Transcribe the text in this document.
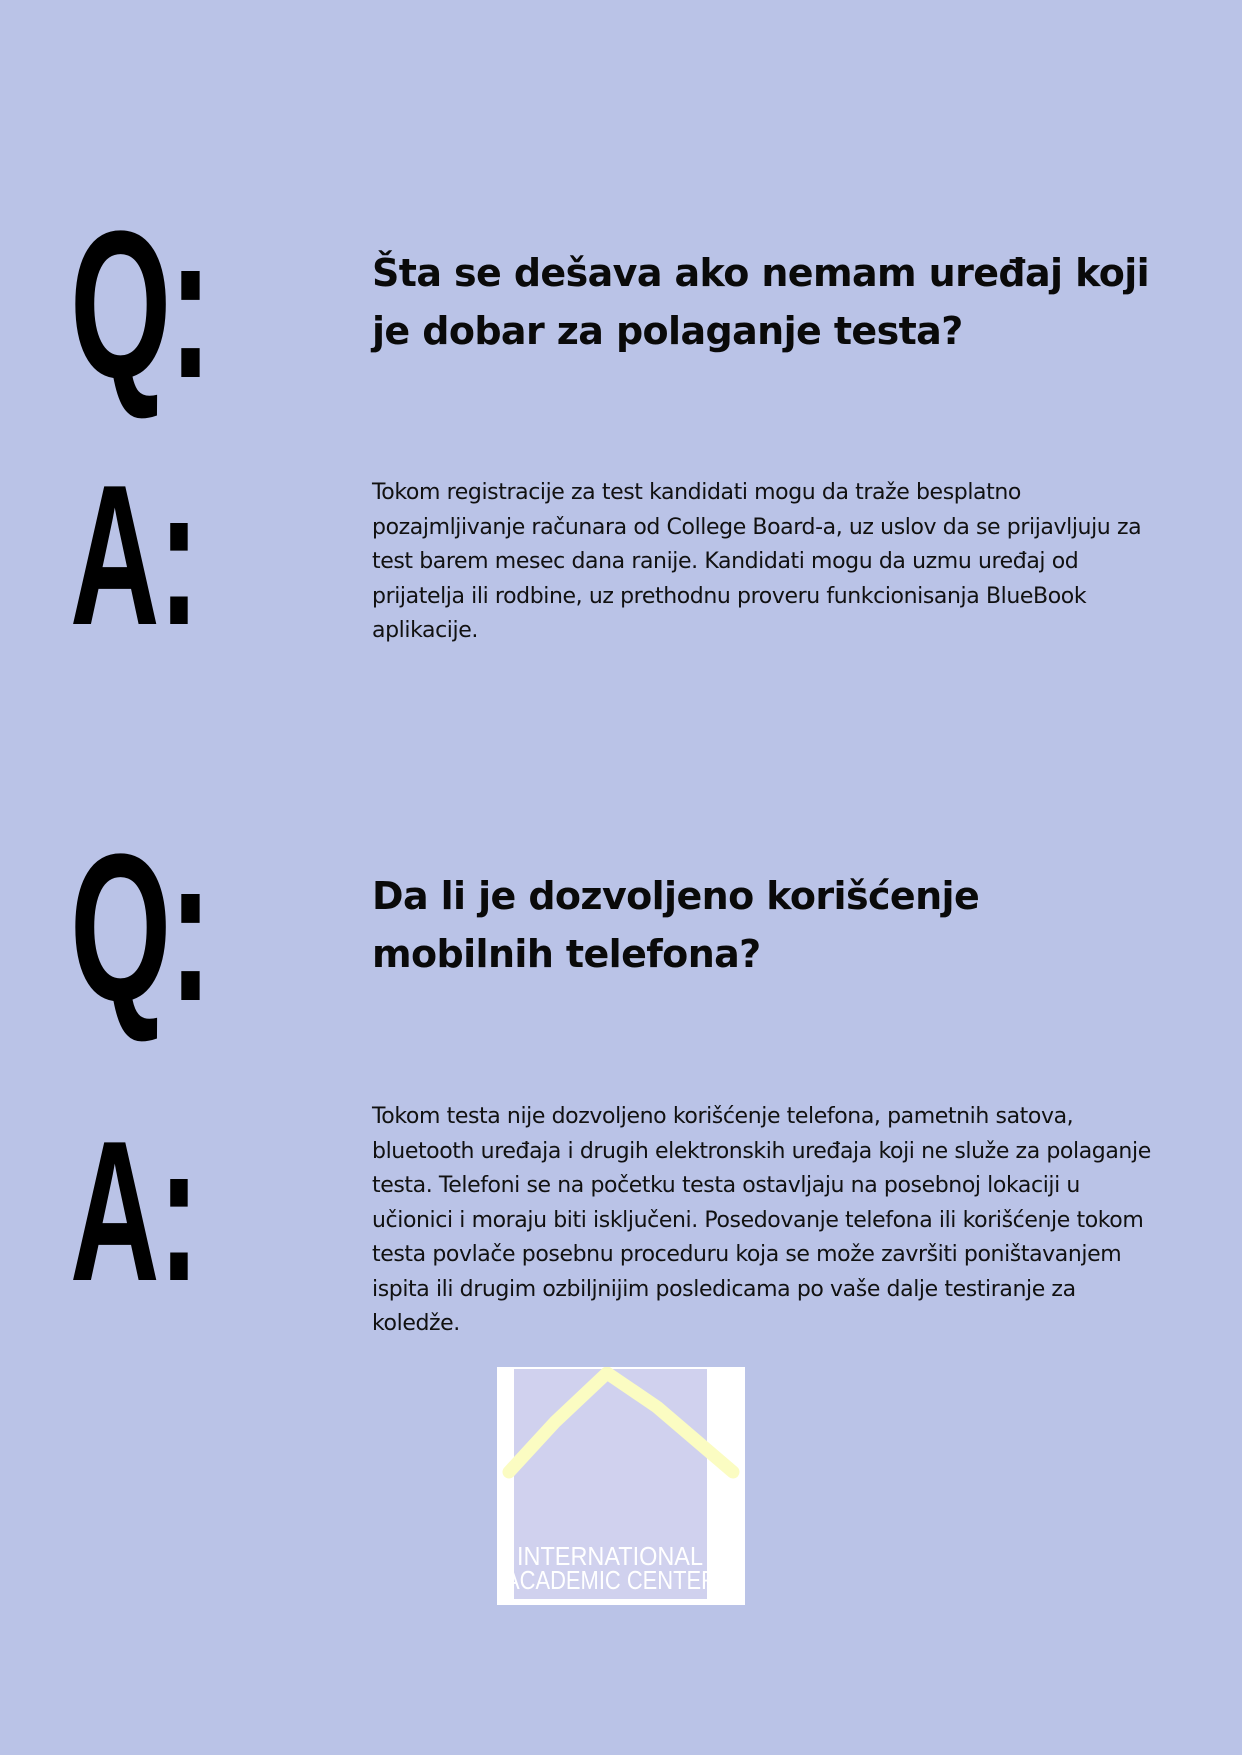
Q:	Šta se dešava ako nemam uređaj koji je dobar za polaganje testa?

A:	Tokom registracije za test kandidati mogu da traže besplatno pozajmljivanje računara od College Board-a, uz uslov da se prijavljuju za test barem mesec dana ranije. Kandidati mogu da uzmu uređaj od prijatelja ili rodbine, uz prethodnu proveru funkcionisanja BlueBook aplikacije.

Q:	Da li je dozvoljeno korišćenje mobilnih telefona?

A:	Tokom testa nije dozvoljeno korišćenje telefona, pametnih satova, bluetooth uređaja i drugih elektronskih uređaja koji ne služe za polaganje testa. Telefoni se na početku testa ostavljaju na posebnoj lokaciji u učionici i moraju biti isključeni. Posedovanje telefona ili korišćenje tokom testa povlače posebnu proceduru koja se može završiti poništavanjem ispita ili drugim ozbiljnijim posledicama po vaše dalje testiranje za koledže.

INTERNATIONAL
ACADEMIC CENTER
